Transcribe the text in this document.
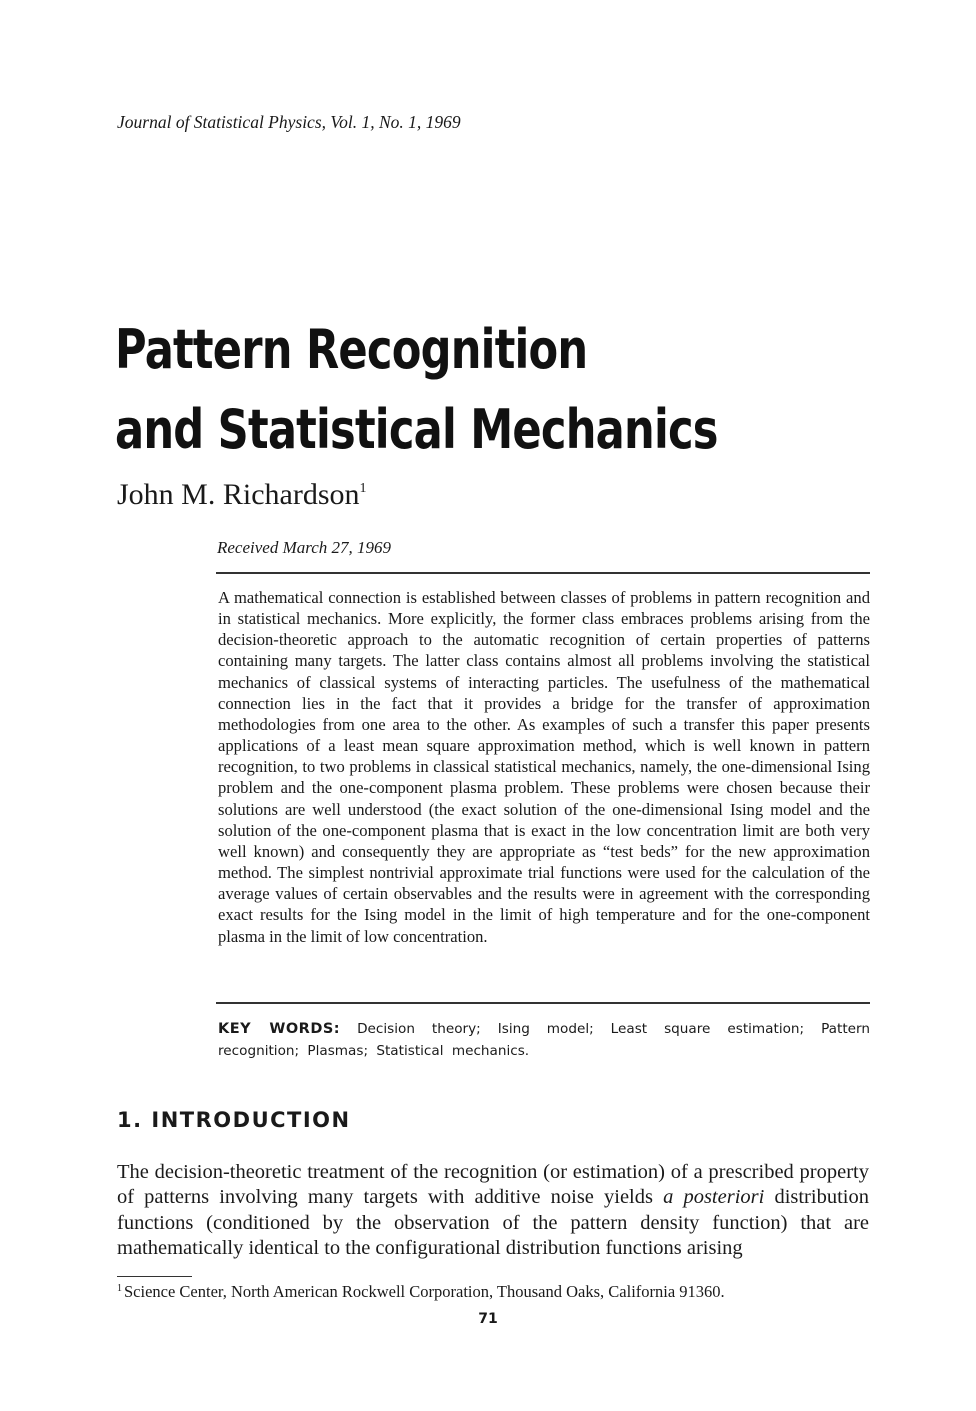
Journal of Statistical Physics, Vol. 1, No. 1, 1969

Pattern Recognition
and Statistical Mechanics

John M. Richardson$^1$

Received March 27, 1969

A mathematical connection is established between classes of problems in pattern recognition and in statistical mechanics. More explicitly, the former class embraces problems arising from the decision-theoretic approach to the automatic recognition of certain properties of patterns containing many targets. The latter class contains almost all problems involving the statistical mechanics of classical systems of interacting particles. The usefulness of the mathematical connection lies in the fact that it provides a bridge for the transfer of approximation methodologies from one area to the other. As examples of such a transfer this paper presents applications of a least mean square approximation method, which is well known in pattern recognition, to two problems in classical statistical mechanics, namely, the one-dimensional Ising problem and the one-component plasma problem. These problems were chosen because their solutions are well understood (the exact solution of the one-dimensional Ising model and the solution of the one-component plasma that is exact in the low concentration limit are both very well known) and consequently they are appropriate as “test beds” for the new approximation method. The simplest nontrivial approximate trial functions were used for the calculation of the average values of certain observables and the results were in agreement with the corresponding exact results for the Ising model in the limit of high temperature and for the one-component plasma in the limit of low concentration.

KEY WORDS: Decision theory; Ising model; Least square estimation; Pattern recognition; Plasmas; Statistical mechanics.

1. INTRODUCTION

The decision-theoretic treatment of the recognition (or estimation) of a prescribed property of patterns involving many targets with additive noise yields a posteriori distribution functions (conditioned by the observation of the pattern density function) that are mathematically identical to the configurational distribution functions arising

$^1$ Science Center, North American Rockwell Corporation, Thousand Oaks, California 91360.

71
